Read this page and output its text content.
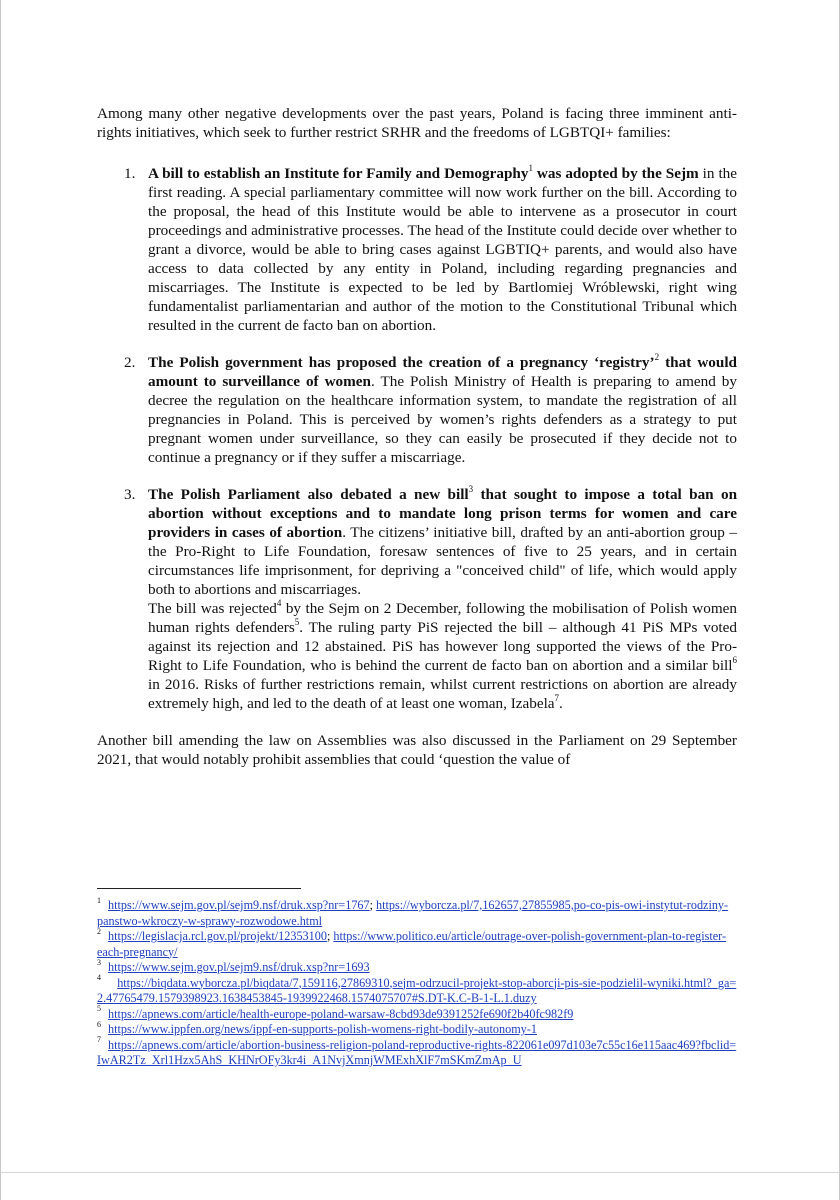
Among many other negative developments over the past years, Poland is facing three imminent anti-rights initiatives, which seek to further restrict SRHR and the freedoms of LGBTQI+ families:

1. A bill to establish an Institute for Family and Demography$^1$ was adopted by the Sejm in the first reading. A special parliamentary committee will now work further on the bill. According to the proposal, the head of this Institute would be able to intervene as a prosecutor in court proceedings and administrative processes. The head of the Institute could decide over whether to grant a divorce, would be able to bring cases against LGBTIQ+ parents, and would also have access to data collected by any entity in Poland, including regarding pregnancies and miscarriages. The Institute is expected to be led by Bartlomiej Wróblewski, right wing fundamentalist parliamentarian and author of the motion to the Constitutional Tribunal which resulted in the current de facto ban on abortion.
2. The Polish government has proposed the creation of a pregnancy ‘registry’$^2$ that would amount to surveillance of women. The Polish Ministry of Health is preparing to amend by decree the regulation on the healthcare information system, to mandate the registration of all pregnancies in Poland. This is perceived by women’s rights defenders as a strategy to put pregnant women under surveillance, so they can easily be prosecuted if they decide not to continue a pregnancy or if they suffer a miscarriage.
3. The Polish Parliament also debated a new bill$^3$ that sought to impose a total ban on abortion without exceptions and to mandate long prison terms for women and care providers in cases of abortion. The citizens’ initiative bill, drafted by an anti-abortion group – the Pro-Right to Life Foundation, foresaw sentences of five to 25 years, and in certain circumstances life imprisonment, for depriving a "conceived child" of life, which would apply both to abortions and miscarriages.

The bill was rejected$^4$ by the Sejm on 2 December, following the mobilisation of Polish women human rights defenders$^5$. The ruling party PiS rejected the bill – although 41 PiS MPs voted against its rejection and 12 abstained. PiS has however long supported the views of the Pro-Right to Life Foundation, who is behind the current de facto ban on abortion and a similar bill$^6$ in 2016. Risks of further restrictions remain, whilst current restrictions on abortion are already extremely high, and led to the death of at least one woman, Izabela$^7$.

Another bill amending the law on Assemblies was also discussed in the Parliament on 29 September 2021, that would notably prohibit assemblies that could ‘question the value of

$^1$ https://www.sejm.gov.pl/sejm9.nsf/druk.xsp?nr=1767; https://wyborcza.pl/7,162657,27855985,po-co-pis-owi-instytut-rodziny-panstwo-wkroczy-w-sprawy-rozwodowe.html

$^2$ https://legislacja.rcl.gov.pl/projekt/12353100; https://www.politico.eu/article/outrage-over-polish-government-plan-to-register-each-pregnancy/

$^3$ https://www.sejm.gov.pl/sejm9.nsf/druk.xsp?nr=1693

$^4$ https://biqdata.wyborcza.pl/biqdata/7,159116,27869310,sejm-odrzucil-projekt-stop-aborcji-pis-sie-podzielil-wyniki.html?_ga=2.47765479.1579398923.1638453845-1939922468.1574075707#S.DT-K.C-B-1-L.1.duzy

$^5$ https://apnews.com/article/health-europe-poland-warsaw-8cbd93de9391252fe690f2b40fc982f9

$^6$ https://www.ippfen.org/news/ippf-en-supports-polish-womens-right-bodily-autonomy-1

$^7$ https://apnews.com/article/abortion-business-religion-poland-reproductive-rights-822061e097d103e7c55c16e115aac469?fbclid=IwAR2Tz_Xrl1Hzx5AhS_KHNrOFy3kr4i_A1NvjXmnjWMExhXlF7mSKmZmAp_U
